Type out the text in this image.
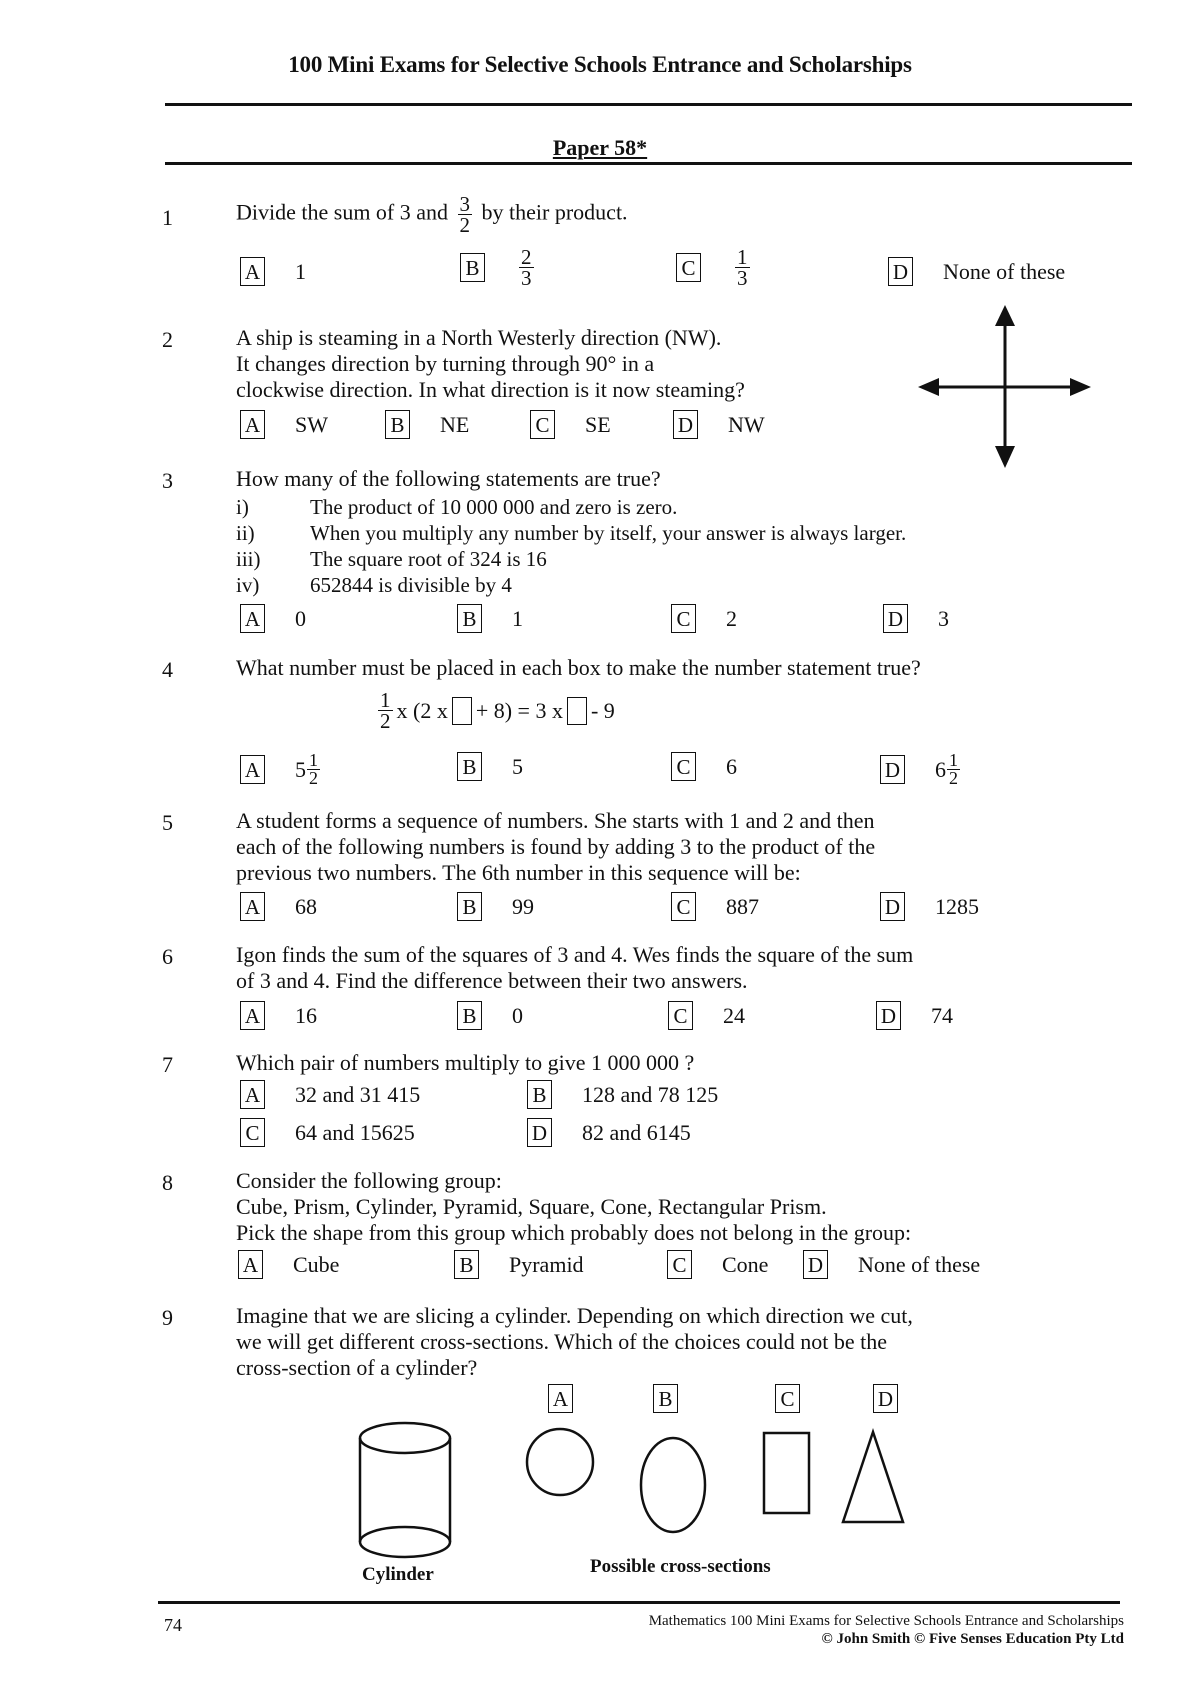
100 Mini Exams for Selective Schools Entrance and Scholarships
Paper 58*
1	Divide the sum of 3 and $\frac{3}{2}$ by their product.
A 1	B $\frac{2}{3}$	C $\frac{1}{3}$	D None of these
2	A ship is steaming in a North Westerly direction (NW).
It changes direction by turning through 90° in a
clockwise direction. In what direction is it now steaming?
A SW	B NE	C SE	D NW
3	How many of the following statements are true?
i)	The product of 10 000 000 and zero is zero.
ii)	When you multiply any number by itself, your answer is always larger.
iii) The square root of 324 is 16
iv) 652844 is divisible by 4
A 0	B 1	C 2	D 3
4	What number must be placed in each box to make the number statement true?
$\frac{1}{2}$ x (2 x + 8) = 3 x - 9
A $5 \frac{1}{2}$	B 5	C 6	D $6 \frac{1}{2}$
5	A student forms a sequence of numbers. She starts with 1 and 2 and then
each of the following numbers is found by adding 3 to the product of the
previous two numbers. The 6th number in this sequence will be:
A 68	B 99	C 887	D 1285
6	Igon finds the sum of the squares of 3 and 4. Wes finds the square of the sum
of 3 and 4. Find the difference between their two answers.
A 16	B 0	C 24	D 74
7	Which pair of numbers multiply to give 1 000 000 ?
A 32 and 31 415	B 128 and 78 125
C 64 and 15625	D 82 and 6145
8	Consider the following group:
Cube, Prism, Cylinder, Pyramid, Square, Cone, Rectangular Prism.
Pick the shape from this group which probably does not belong in the group:
A Cube	B Pyramid	C Cone D None of these
9	Imagine that we are slicing a cylinder. Depending on which direction we cut,
we will get different cross-sections. Which of the choices could not be the
cross-section of a cylinder?
A	B	C	D
Cylinder	Possible cross-sections
74	Mathematics 100 Mini Exams for Selective Schools Entrance and Scholarships
© John Smith © Five Senses Education Pty Ltd
